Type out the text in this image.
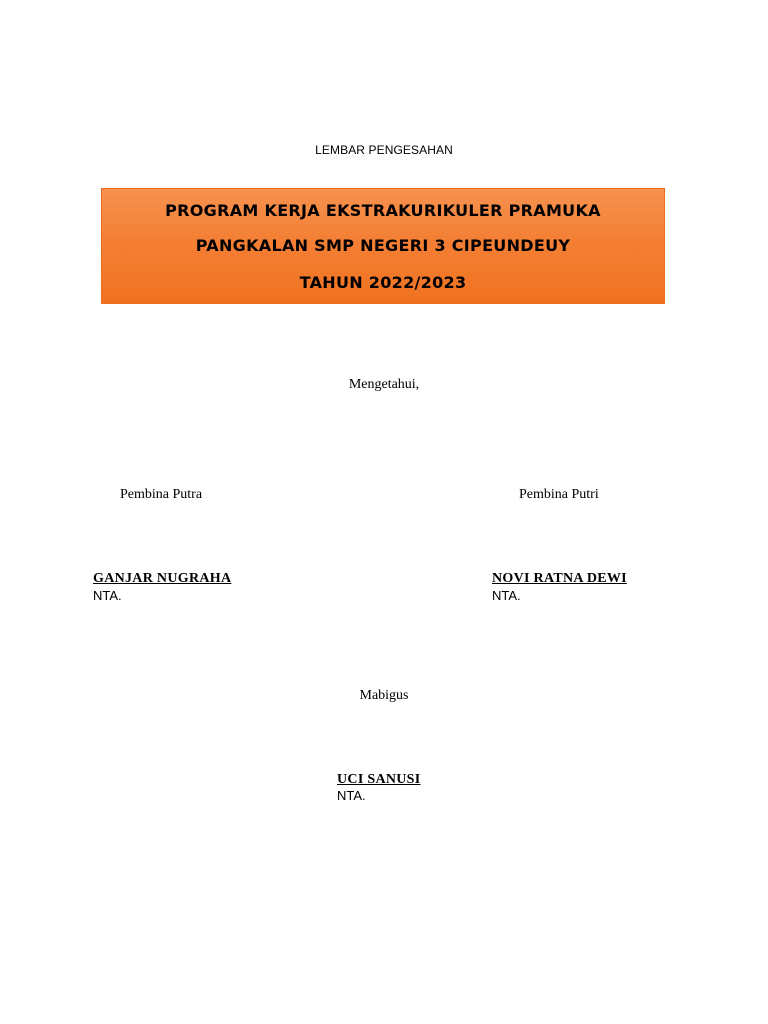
LEMBAR PENGESAHAN
PROGRAM KERJA EKSTRAKURIKULER PRAMUKA
PANGKALAN SMP NEGERI 3 CIPEUNDEUY
TAHUN 2022/2023
Mengetahui,
Pembina Putra	Pembina Putri
GANJAR NUGRAHA
NTA.
NOVI RATNA DEWI
NTA.
Mabigus
UCI SANUSI
NTA.
